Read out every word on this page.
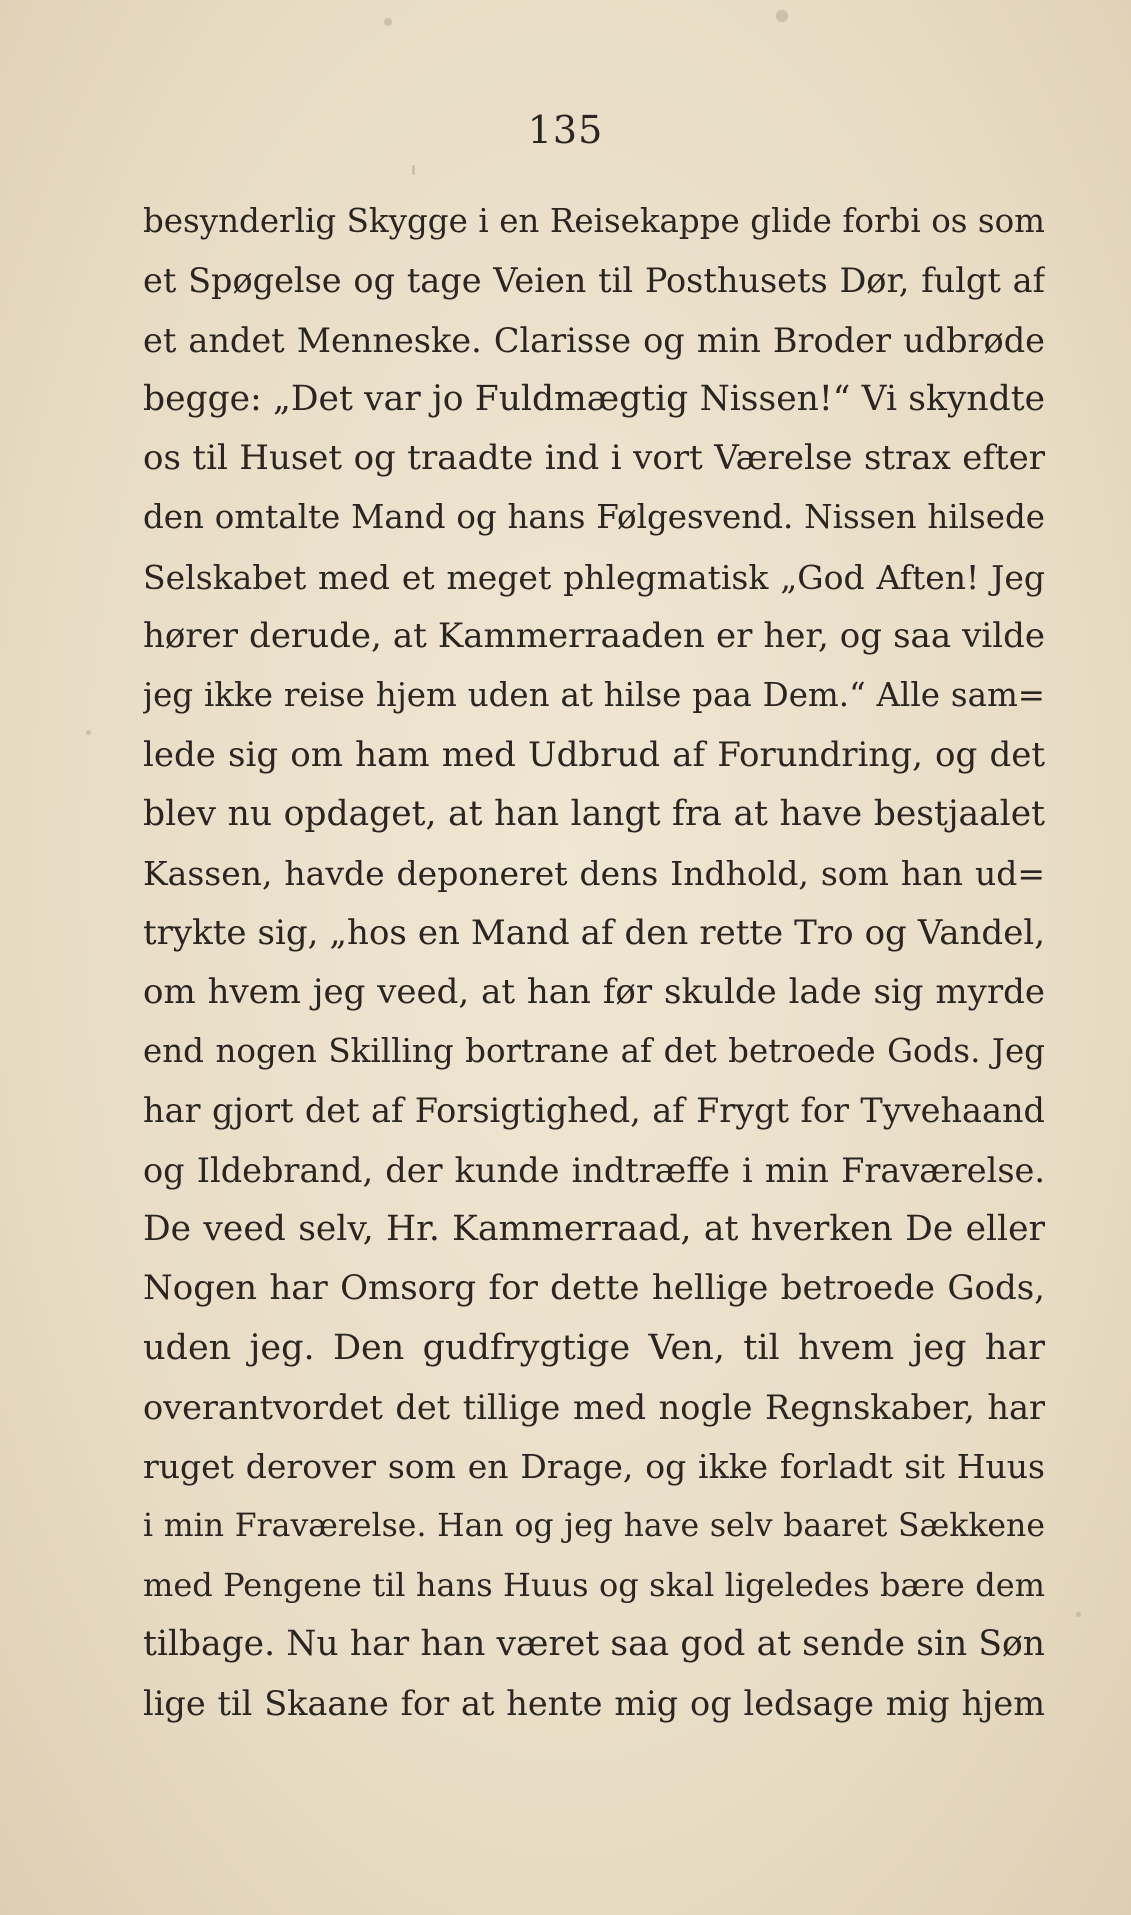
135
besynderlig Skygge i en Reisekappe glide forbi os som
et Spøgelse og tage Veien til Posthusets Dør, fulgt af
et andet Menneske. Clarisse og min Broder udbrøde
begge: „Det var jo Fuldmægtig Nissen!“ Vi skyndte
os til Huset og traadte ind i vort Værelse strax efter
den omtalte Mand og hans Følgesvend. Nissen hilsede
Selskabet med et meget phlegmatisk „God Aften! Jeg
hører derude, at Kammerraaden er her, og saa vilde
jeg ikke reise hjem uden at hilse paa Dem.“ Alle sam=
lede sig om ham med Udbrud af Forundring, og det
blev nu opdaget, at han langt fra at have bestjaalet
Kassen, havde deponeret dens Indhold, som han ud=
trykte sig, „hos en Mand af den rette Tro og Vandel,
om hvem jeg veed, at han før skulde lade sig myrde
end nogen Skilling bortrane af det betroede Gods. Jeg
har gjort det af Forsigtighed, af Frygt for Tyvehaand
og Ildebrand, der kunde indtræffe i min Fraværelse.
De veed selv, Hr. Kammerraad, at hverken De eller
Nogen har Omsorg for dette hellige betroede Gods,
uden jeg. Den gudfrygtige Ven, til hvem jeg har
overantvordet det tillige med nogle Regnskaber, har
ruget derover som en Drage, og ikke forladt sit Huus
i min Fraværelse. Han og jeg have selv baaret Sækkene
med Pengene til hans Huus og skal ligeledes bære dem
tilbage. Nu har han været saa god at sende sin Søn
lige til Skaane for at hente mig og ledsage mig hjem
